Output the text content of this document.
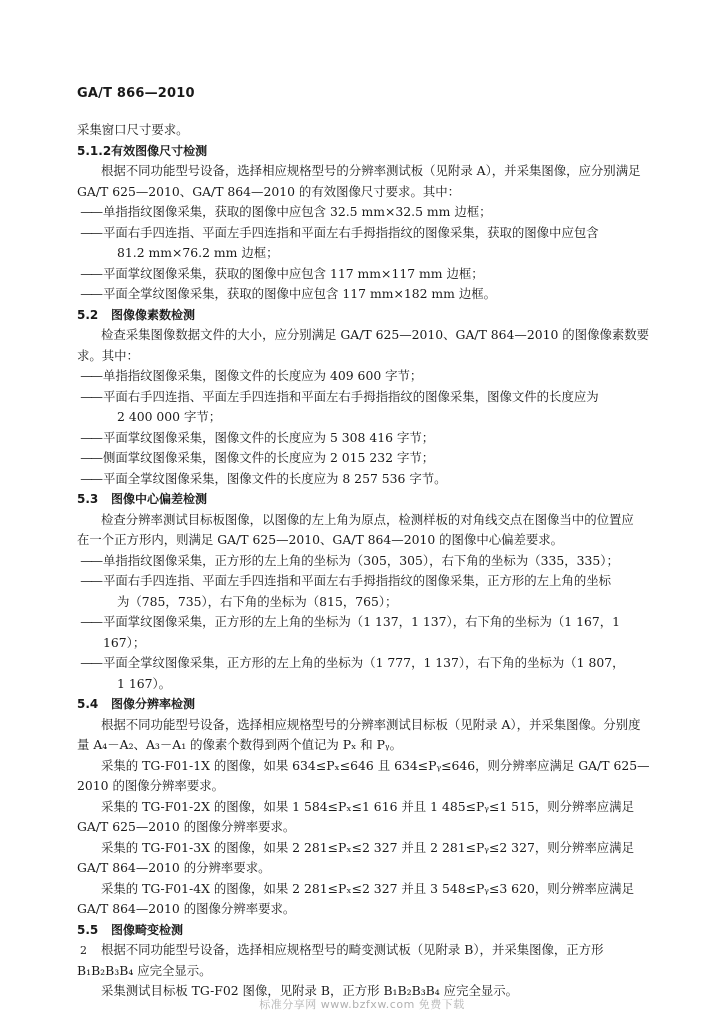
GA/T 866—2010

采集窗口尺寸要求。

5.1.2有效图像尺寸检测

根据不同功能型号设备，选择相应规格型号的分辨率测试板（见附录 A），并采集图像，应分别满足

GA/T 625—2010、GA/T 864—2010 的有效图像尺寸要求。其中：

—— 单指指纹图像采集，获取的图像中应包含 32.5 mm×32.5 mm 边框；

—— 平面右手四连指、平面左手四连指和平面左右手拇指指纹的图像采集，获取的图像中应包含

81.2 mm×76.2 mm 边框；

—— 平面掌纹图像采集，获取的图像中应包含 117 mm×117 mm 边框；

—— 平面全掌纹图像采集，获取的图像中应包含 117 mm×182 mm 边框。

5.2 图像像素数检测

检查采集图像数据文件的大小，应分别满足 GA/T 625—2010、GA/T 864—2010 的图像像素数要

求。其中：

—— 单指指纹图像采集，图像文件的长度应为 409 600 字节；

—— 平面右手四连指、平面左手四连指和平面左右手拇指指纹的图像采集，图像文件的长度应为

2 400 000 字节；

—— 平面掌纹图像采集，图像文件的长度应为 5 308 416 字节；

—— 侧面掌纹图像采集，图像文件的长度应为 2 015 232 字节；

—— 平面全掌纹图像采集，图像文件的长度应为 8 257 536 字节。

5.3 图像中心偏差检测

检查分辨率测试目标板图像，以图像的左上角为原点，检测样板的对角线交点在图像当中的位置应

在一个正方形内，则满足 GA/T 625—2010、GA/T 864—2010 的图像中心偏差要求。

—— 单指指纹图像采集，正方形的左上角的坐标为（305，305），右下角的坐标为（335，335）；

—— 平面右手四连指、平面左手四连指和平面左右手拇指指纹的图像采集，正方形的左上角的坐标

为（785，735），右下角的坐标为（815，765）；

—— 平面掌纹图像采集，正方形的左上角的坐标为（1 137，1 137），右下角的坐标为（1 167，1 167）；

—— 平面全掌纹图像采集，正方形的左上角的坐标为（1 777，1 137），右下角的坐标为（1 807，

1 167）。

5.4 图像分辨率检测

根据不同功能型号设备，选择相应规格型号的分辨率测试目标板（见附录 A），并采集图像。分别度

量 A₄－A₂、A₃－A₁ 的像素个数得到两个值记为 Pₓ 和 Pᵧ。

采集的 TG-F01-1X 的图像，如果 634≤Pₓ≤646 且 634≤Pᵧ≤646，则分辨率应满足 GA/T 625—

2010 的图像分辨率要求。

采集的 TG-F01-2X 的图像，如果 1 584≤Pₓ≤1 616 并且 1 485≤Pᵧ≤1 515，则分辨率应满足

GA/T 625—2010 的图像分辨率要求。

采集的 TG-F01-3X 的图像，如果 2 281≤Pₓ≤2 327 并且 2 281≤Pᵧ≤2 327，则分辨率应满足

GA/T 864—2010 的分辨率要求。

采集的 TG-F01-4X 的图像，如果 2 281≤Pₓ≤2 327 并且 3 548≤Pᵧ≤3 620，则分辨率应满足

GA/T 864—2010 的图像分辨率要求。

5.5 图像畸变检测

根据不同功能型号设备，选择相应规格型号的畸变测试板（见附录 B），并采集图像，正方形

B₁B₂B₃B₄ 应完全显示。

采集测试目标板 TG-F02 图像，见附录 B，正方形 B₁B₂B₃B₄ 应完全显示。

2
标准分享网 www.bzfxw.com 免费下载
